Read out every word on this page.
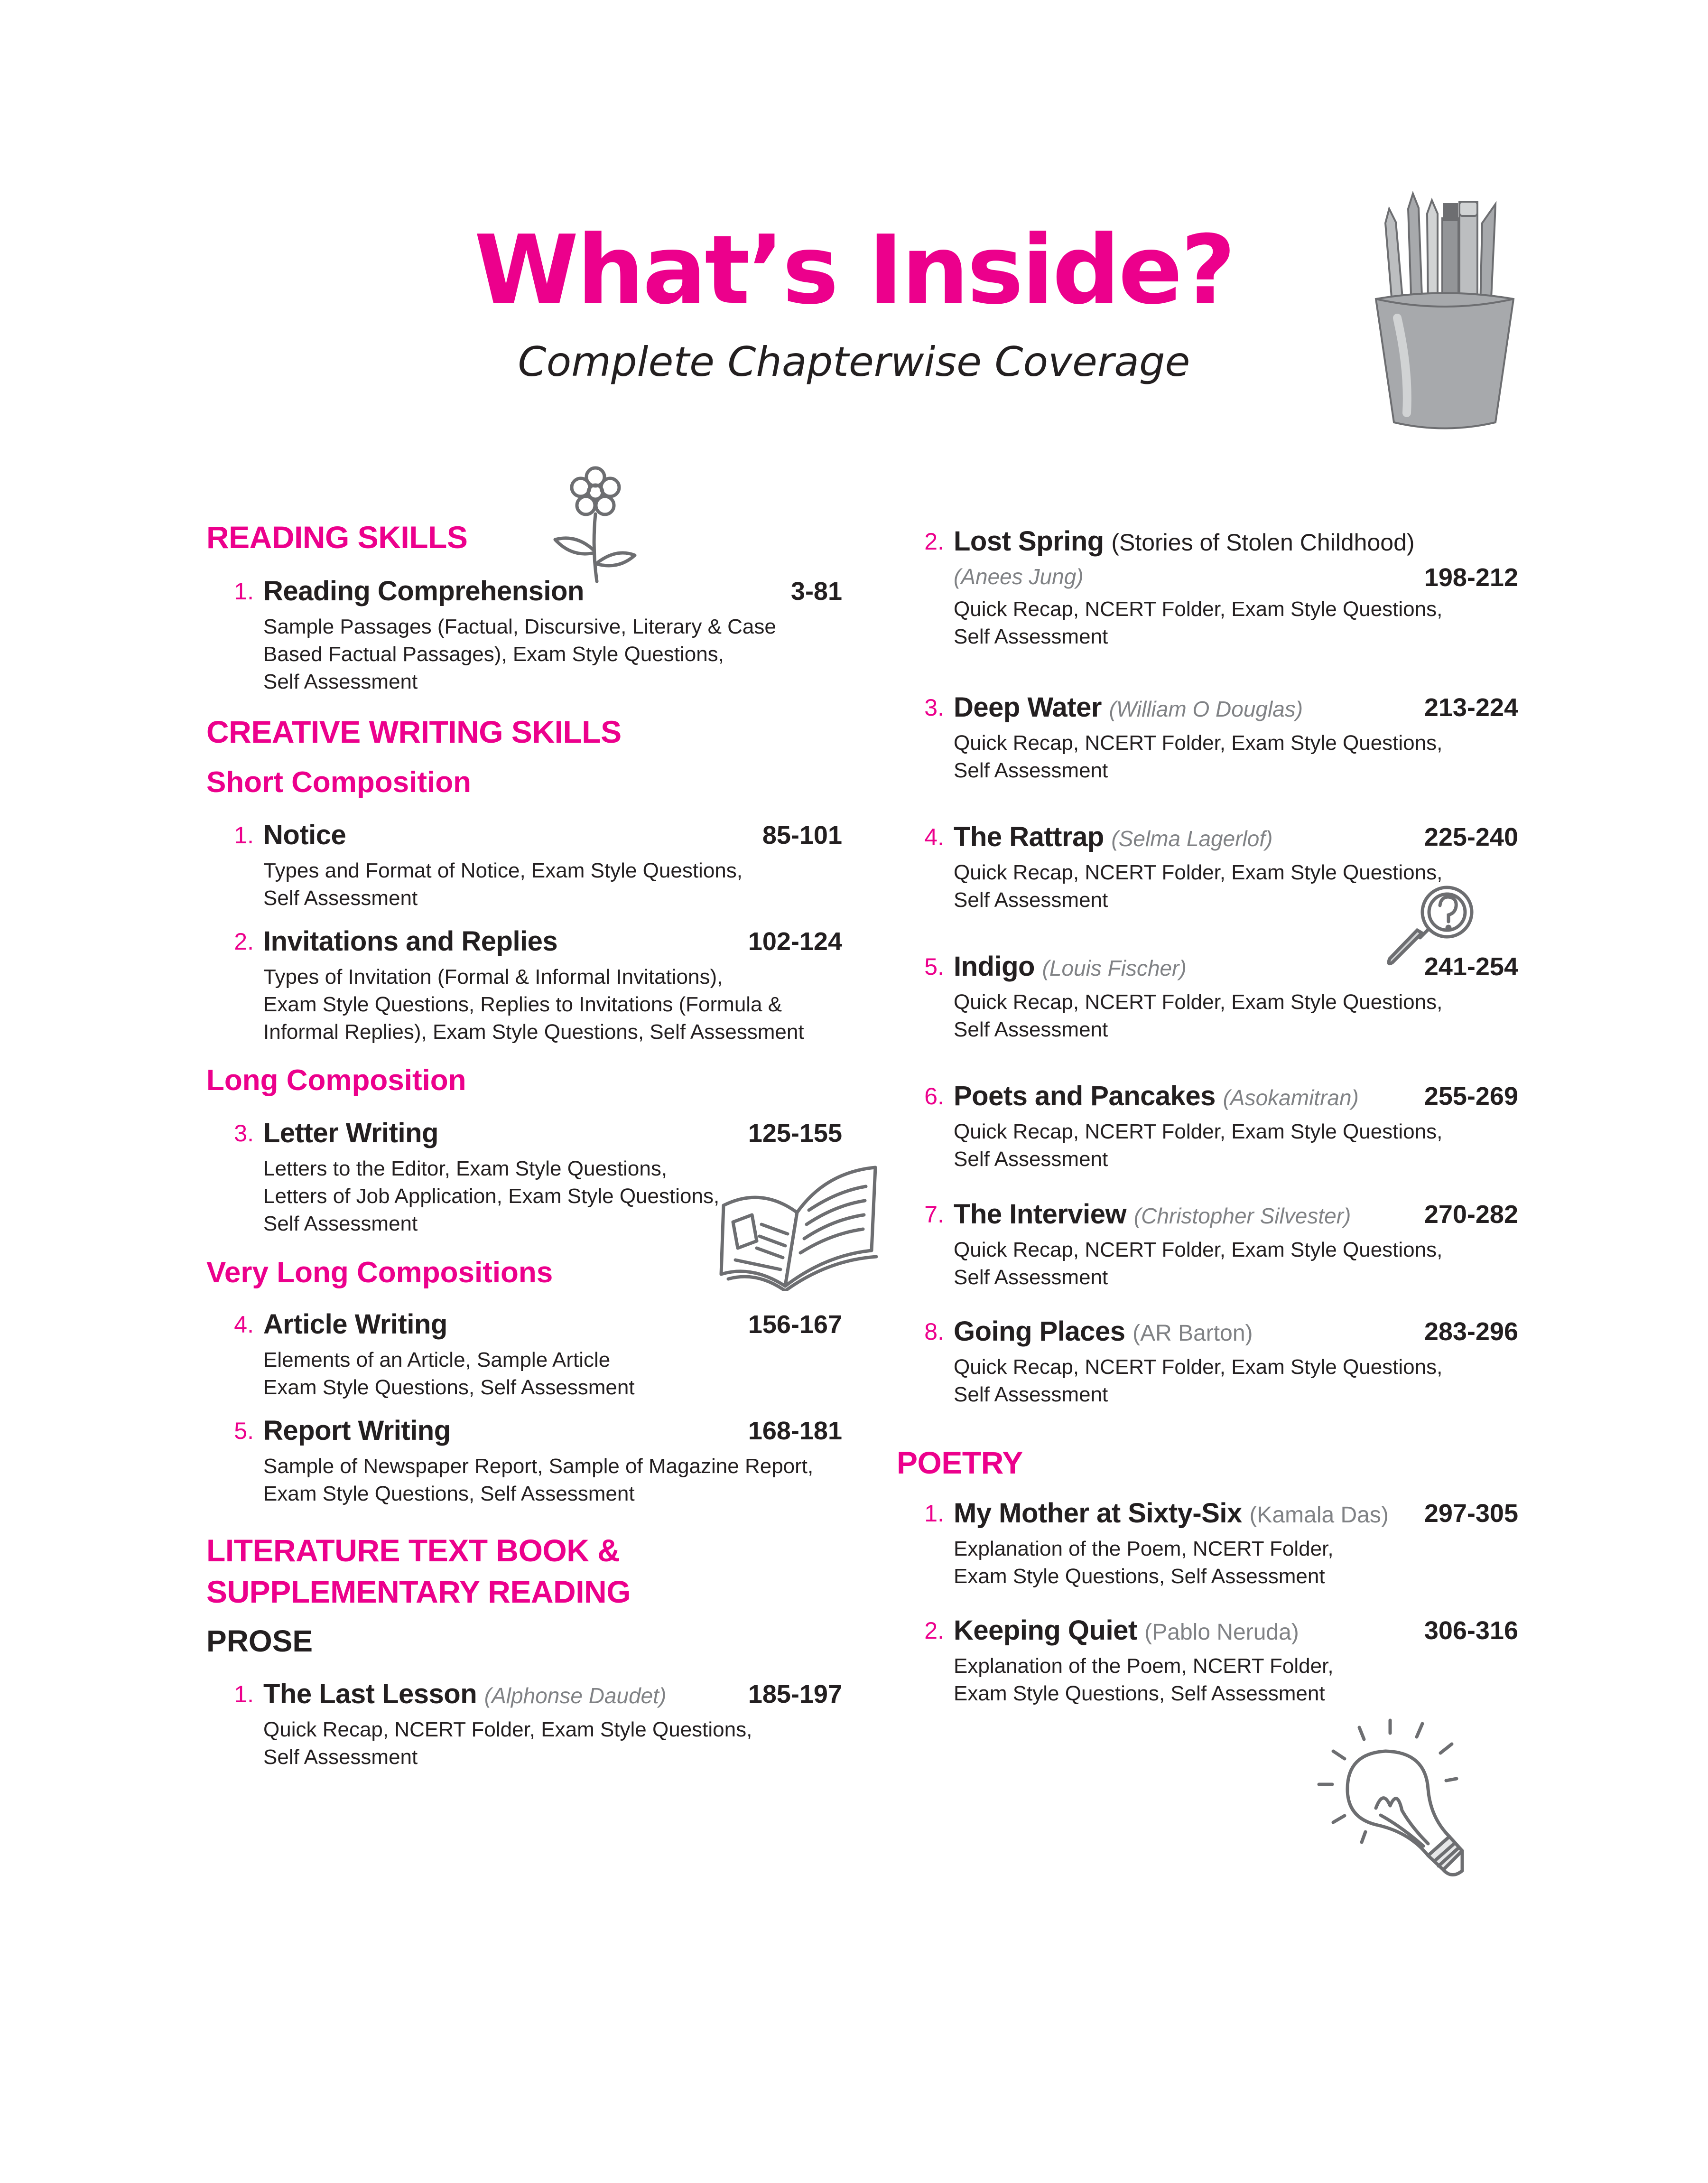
What’s Inside?
Complete Chapterwise Coverage
READING SKILLS
1. Reading Comprehension	3-81
Sample Passages (Factual, Discursive, Literary & Case
Based Factual Passages), Exam Style Questions,
Self Assessment
CREATIVE WRITING SKILLS
Short Composition
1. Notice	85-101
Types and Format of Notice, Exam Style Questions,
Self Assessment
2. Invitations and Replies	102-124
Types of Invitation (Formal & Informal Invitations),
Exam Style Questions, Replies to Invitations (Formula &
Informal Replies), Exam Style Questions, Self Assessment
Long Composition
3. Letter Writing	125-155
Letters to the Editor, Exam Style Questions,
Letters of Job Application, Exam Style Questions,
Self Assessment
Very Long Compositions
4. Article Writing	156-167
Elements of an Article, Sample Article
Exam Style Questions, Self Assessment
5. Report Writing	168-181
Sample of Newspaper Report, Sample of Magazine Report,
Exam Style Questions, Self Assessment
LITERATURE TEXT BOOK &
SUPPLEMENTARY READING
PROSE
1. The Last Lesson (Alphonse Daudet)	185-197
Quick Recap, NCERT Folder, Exam Style Questions,
Self Assessment
2. Lost Spring (Stories of Stolen Childhood)
(Anees Jung)	198-212
Quick Recap, NCERT Folder, Exam Style Questions,
Self Assessment
3. Deep Water (William O Douglas)	213-224
Quick Recap, NCERT Folder, Exam Style Questions,
Self Assessment
4. The Rattrap (Selma Lagerlof)	225-240
Quick Recap, NCERT Folder, Exam Style Questions,
Self Assessment
5. Indigo (Louis Fischer)	241-254
Quick Recap, NCERT Folder, Exam Style Questions,
Self Assessment
6. Poets and Pancakes (Asokamitran)	255-269
Quick Recap, NCERT Folder, Exam Style Questions,
Self Assessment
7. The Interview (Christopher Silvester)	270-282
Quick Recap, NCERT Folder, Exam Style Questions,
Self Assessment
8. Going Places (AR Barton)	283-296
Quick Recap, NCERT Folder, Exam Style Questions,
Self Assessment
POETRY
1. My Mother at Sixty-Six (Kamala Das) 297-305
Explanation of the Poem, NCERT Folder,
Exam Style Questions, Self Assessment
2. Keeping Quiet (Pablo Neruda)	306-316
Explanation of the Poem, NCERT Folder,
Exam Style Questions, Self Assessment
